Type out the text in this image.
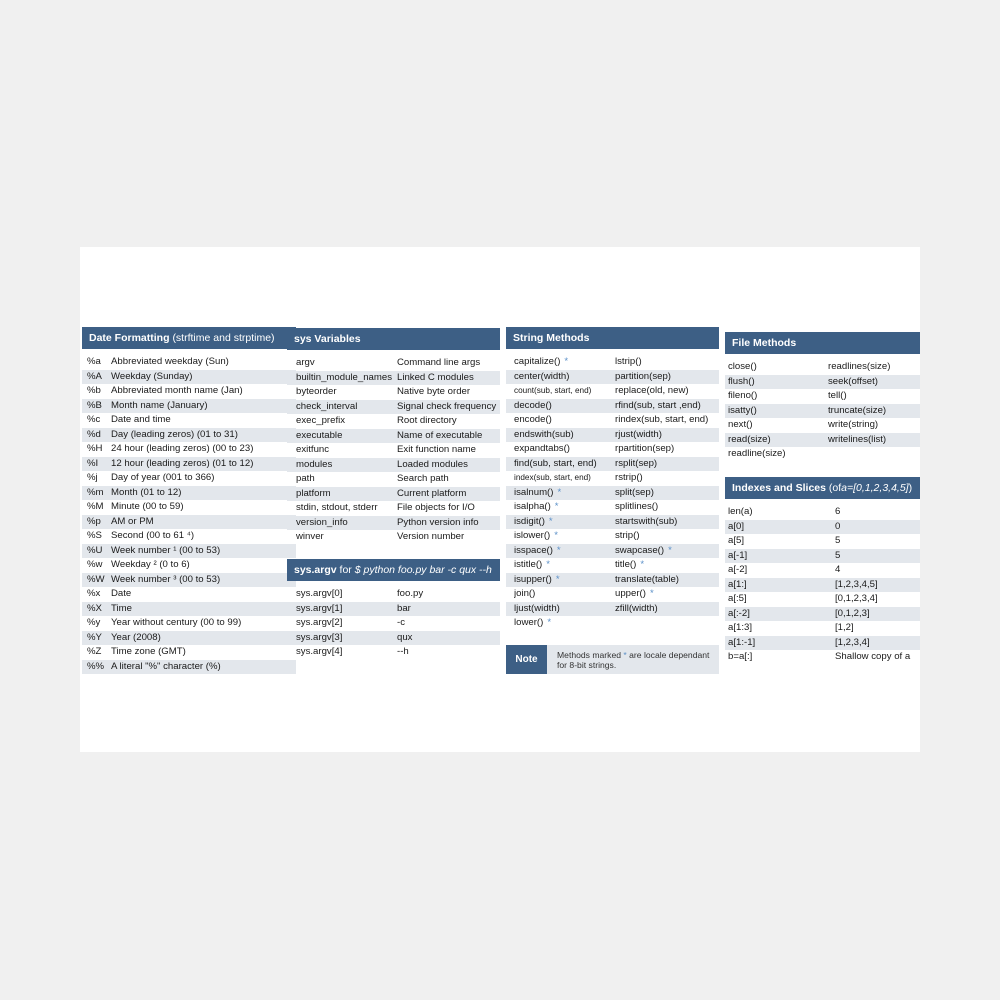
Date Formatting (strftime and strptime)
%a	Abbreviated weekday (Sun)
%A Weekday (Sunday)
%b	Abbreviated month name (Jan)
%B Month name (January)
%c	Date and time
%d	Day (leading zeros) (01 to 31)
%H 24 hour (leading zeros) (00 to 23)
%I	12 hour (leading zeros) (01 to 12)
%j	Day of year (001 to 366)
%m Month (01 to 12)
%M Minute (00 to 59)
%p	AM or PM
%S Second (00 to 61 ⁴)
%U Week number ¹ (00 to 53)
%w Weekday ² (0 to 6)
%W Week number ³ (00 to 53)
%x	Date
%X Time
%y	Year without century (00 to 99)
%Y Year (2008)
%Z	Time zone (GMT)
%% A literal "%" character (%)
sys Variables
argv	Command line args
builtin_module_names Linked C modules
byteorder	Native byte order
check_interval	Signal check frequency
exec_prefix	Root directory
executable	Name of executable
exitfunc	Exit function name
modules	Loaded modules
path	Search path
platform	Current platform
stdin, stdout, stderr	File objects for I/O
version_info	Python version info
winver	Version number
sys.argv for $ python foo.py bar -c qux --h
sys.argv[0]	foo.py
sys.argv[1]	bar
sys.argv[2]	-c
sys.argv[3]	qux
sys.argv[4]	--h
String Methods
capitalize() *	lstrip()
center(width)	partition(sep)
count(sub, start, end)	replace(old, new)
decode()	rfind(sub, start ,end)
encode()	rindex(sub, start, end)
endswith(sub)	rjust(width)
expandtabs()	rpartition(sep)
find(sub, start, end)	rsplit(sep)
index(sub, start, end)	rstrip()
isalnum() *	split(sep)
isalpha() *	splitlines()
isdigit() *	startswith(sub)
islower() *	strip()
isspace() *	swapcase() *
istitle() *	title() *
isupper() *	translate(table)
join()	upper() *
ljust(width)	zfill(width)
lower() *
Note	Methods marked * are locale dependant for 8-bit strings.
File Methods
close()	readlines(size)
flush()	seek(offset)
fileno()	tell()
isatty()	truncate(size)
next()	write(string)
read(size)	writelines(list)
readline(size)
Indexes and Slices (ofa=[0,1,2,3,4,5])
len(a)	6
a[0]	0
a[5]	5
a[-1]	5
a[-2]	4
a[1:]	[1,2,3,4,5]
a[:5]	[0,1,2,3,4]
a[:-2]	[0,1,2,3]
a[1:3]	[1,2]
a[1:-1]	[1,2,3,4]
b=a[:]	Shallow copy of a
